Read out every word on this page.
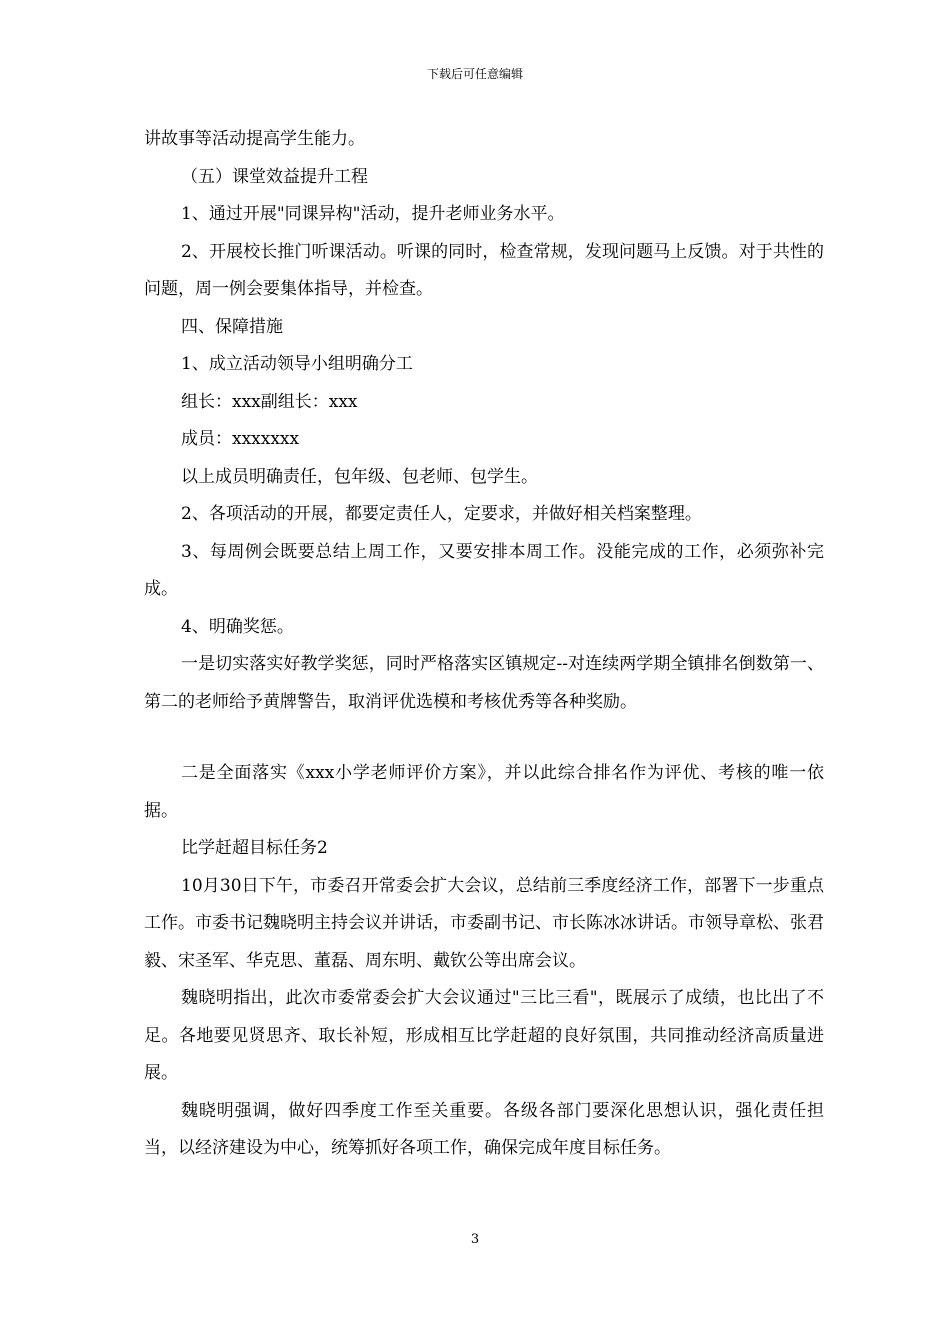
下载后可任意编辑

讲故事等活动提高学生能力。

（五）课堂效益提升工程

1、通过开展"同课异构"活动，提升老师业务水平。

2、开展校长推门听课活动。听课的同时，检查常规，发现问题马上反馈。对于共性的问题，周一例会要集体指导，并检查。

四、保障措施

1、成立活动领导小组明确分工

组长：xxx副组长：xxx

成员：xxxxxxx

以上成员明确责任，包年级、包老师、包学生。

2、各项活动的开展，都要定责任人，定要求，并做好相关档案整理。

3、每周例会既要总结上周工作，又要安排本周工作。没能完成的工作，必须弥补完成。

4、明确奖惩。

一是切实落实好教学奖惩，同时严格落实区镇规定--对连续两学期全镇排名倒数第一、第二的老师给予黄牌警告，取消评优选模和考核优秀等各种奖励。

二是全面落实《xxx小学老师评价方案》，并以此综合排名作为评优、考核的唯一依据。

比学赶超目标任务2

10月30日下午，市委召开常委会扩大会议，总结前三季度经济工作，部署下一步重点工作。市委书记魏晓明主持会议并讲话，市委副书记、市长陈冰冰讲话。市领导章松、张君毅、宋圣军、华克思、董磊、周东明、戴钦公等出席会议。

魏晓明指出，此次市委常委会扩大会议通过"三比三看"，既展示了成绩，也比出了不足。各地要见贤思齐、取长补短，形成相互比学赶超的良好氛围，共同推动经济高质量进展。

魏晓明强调，做好四季度工作至关重要。各级各部门要深化思想认识，强化责任担当，以经济建设为中心，统筹抓好各项工作，确保完成年度目标任务。

3
